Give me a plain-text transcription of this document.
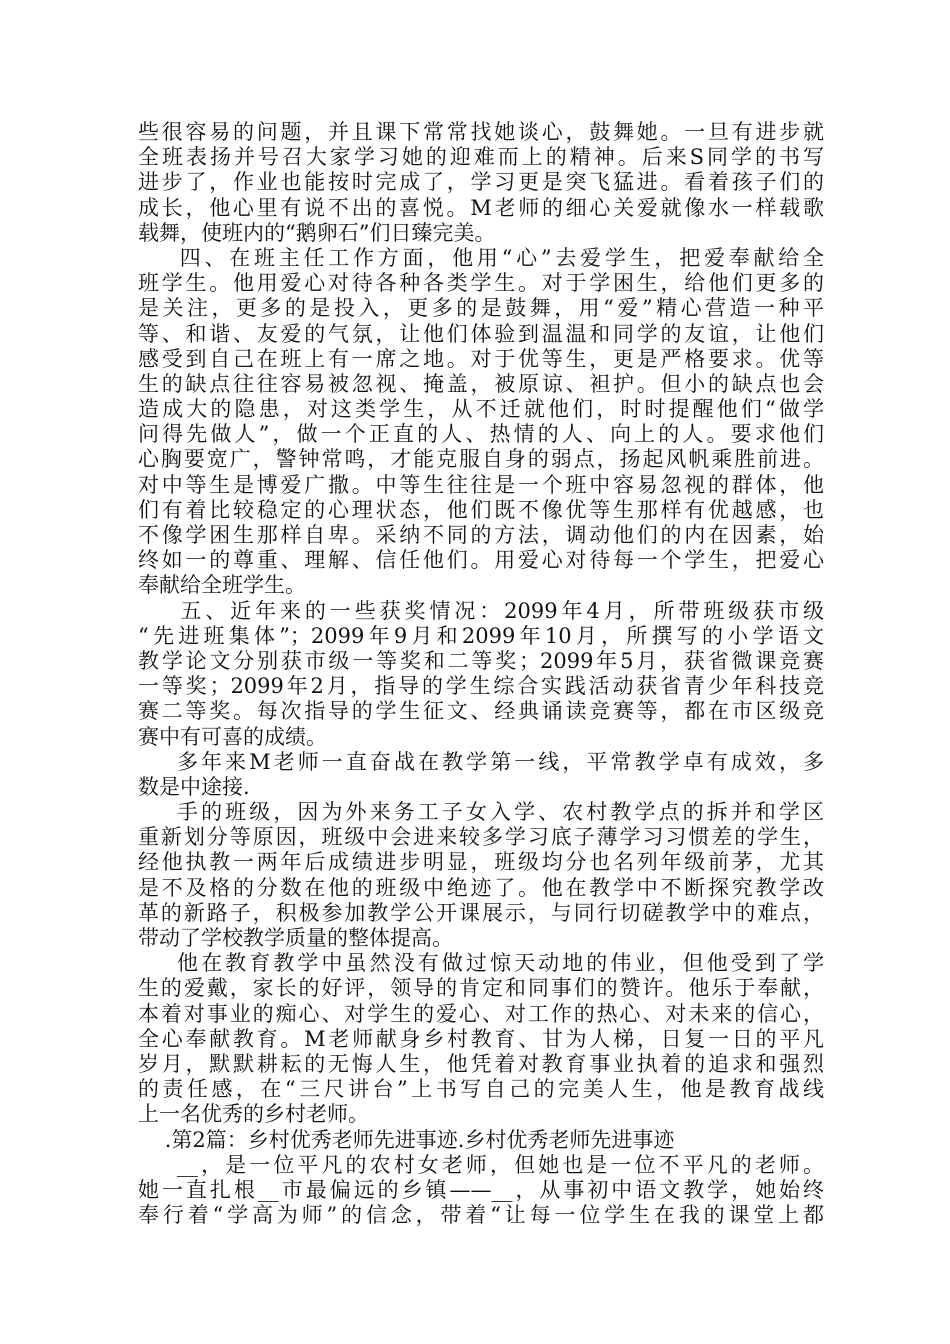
些很容易的问题，并且课下常常找她谈心，鼓舞她。一旦有进步就
全班表扬并号召大家学习她的迎难而上的精神。后来S同学的书写
进步了，作业也能按时完成了，学习更是突飞猛进。看着孩子们的
成长，他心里有说不出的喜悦。M老师的细心关爱就像水一样载歌
载舞，使班内的“鹅卵石”们日臻完美。
四、在班主任工作方面，他用“心”去爱学生，把爱奉献给全
班学生。他用爱心对待各种各类学生。对于学困生，给他们更多的
是关注，更多的是投入，更多的是鼓舞，用“爱”精心营造一种平
等、和谐、友爱的气氛，让他们体验到温温和同学的友谊，让他们
感受到自己在班上有一席之地。对于优等生，更是严格要求。优等
生的缺点往往容易被忽视、掩盖，被原谅、袒护。但小的缺点也会
造成大的隐患，对这类学生，从不迁就他们，时时提醒他们“做学
问得先做人”，做一个正直的人、热情的人、向上的人。要求他们
心胸要宽广，警钟常鸣，才能克服自身的弱点，扬起风帆乘胜前进。
对中等生是博爱广撒。中等生往往是一个班中容易忽视的群体，他
们有着比较稳定的心理状态，他们既不像优等生那样有优越感，也
不像学困生那样自卑。采纳不同的方法，调动他们的内在因素，始
终如一的尊重、理解、信任他们。用爱心对待每一个学生，把爱心
奉献给全班学生。
五、近年来的一些获奖情况：2099年4月，所带班级获市级
“先进班集体”；2099年9月和2099年10月，所撰写的小学语文
教学论文分别获市级一等奖和二等奖；2099年5月，获省微课竞赛
一等奖；2099年2月，指导的学生综合实践活动获省青少年科技竞
赛二等奖。每次指导的学生征文、经典诵读竞赛等，都在市区级竞
赛中有可喜的成绩。
多年来M老师一直奋战在教学第一线，平常教学卓有成效，多
数是中途接.
手的班级，因为外来务工子女入学、农村教学点的拆并和学区
重新划分等原因，班级中会进来较多学习底子薄学习习惯差的学生，
经他执教一两年后成绩进步明显，班级均分也名列年级前茅，尤其
是不及格的分数在他的班级中绝迹了。他在教学中不断探究教学改
革的新路子，积极参加教学公开课展示，与同行切磋教学中的难点，
带动了学校教学质量的整体提高。
他在教育教学中虽然没有做过惊天动地的伟业，但他受到了学
生的爱戴，家长的好评，领导的肯定和同事们的赞许。他乐于奉献，
本着对事业的痴心、对学生的爱心、对工作的热心、对未来的信心，
全心奉献教育。M老师献身乡村教育、甘为人梯，日复一日的平凡
岁月，默默耕耘的无悔人生，他凭着对教育事业执着的追求和强烈
的责任感，在“三尺讲台”上书写自己的完美人生，他是教育战线
上一名优秀的乡村老师。
.第2篇：乡村优秀老师先进事迹.乡村优秀老师先进事迹
__，是一位平凡的农村女老师，但她也是一位不平凡的老师。
她一直扎根__市最偏远的乡镇——__，从事初中语文教学，她始终
奉行着“学高为师”的信念，带着“让每一位学生在我的课堂上都
